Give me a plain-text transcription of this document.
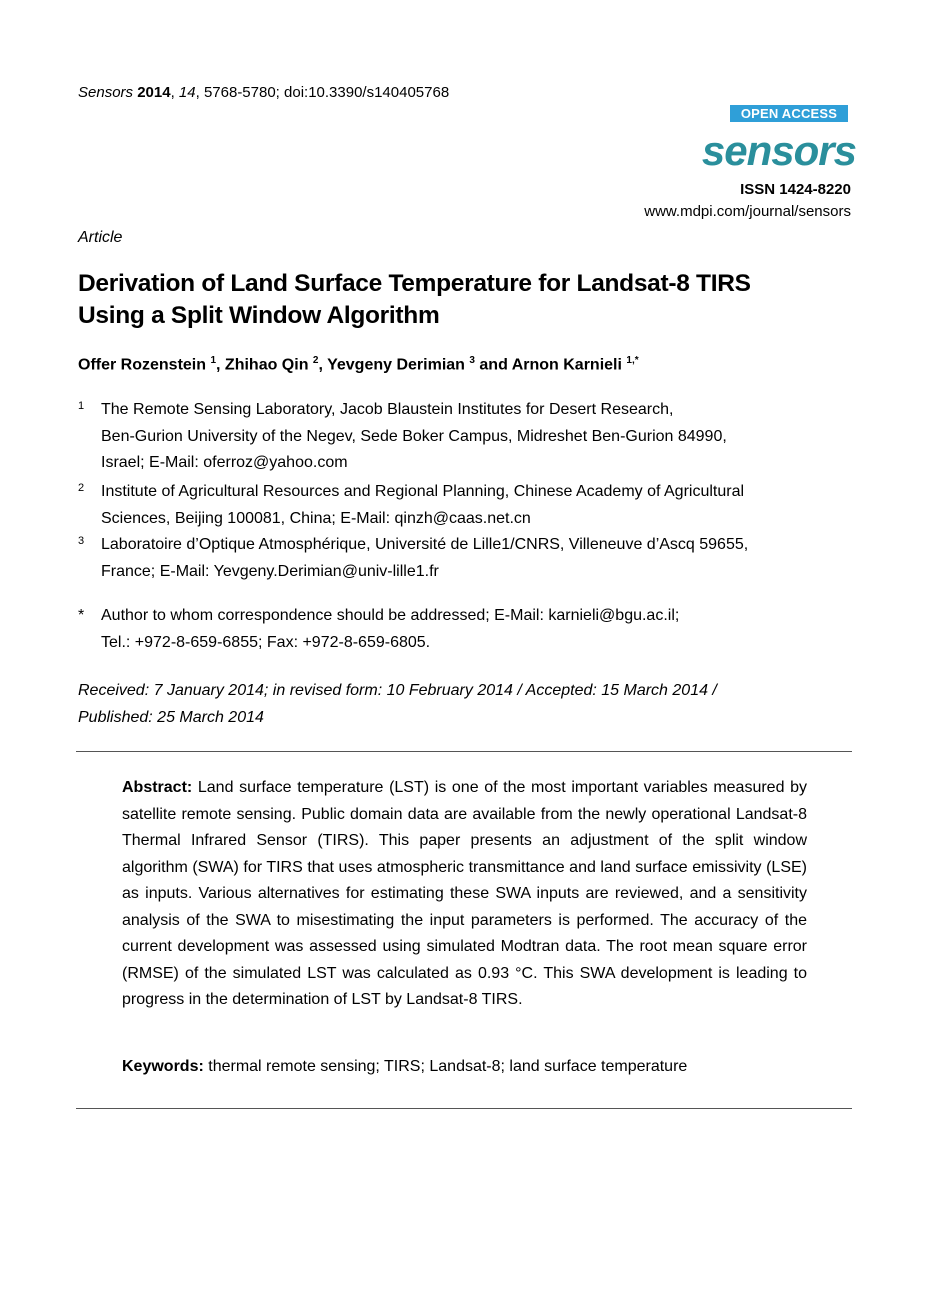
Sensors 2014, 14, 5768-5780; doi:10.3390/s140405768
OPEN ACCESS
sensors
ISSN 1424-8220
www.mdpi.com/journal/sensors
Article
Derivation of Land Surface Temperature for Landsat-8 TIRS
Using a Split Window Algorithm
Offer Rozenstein $^1$, Zhihao Qin $^2$, Yevgeny Derimian $^3$ and Arnon Karnieli $^{1,*}$
1 The Remote Sensing Laboratory, Jacob Blaustein Institutes for Desert Research,
Ben-Gurion University of the Negev, Sede Boker Campus, Midreshet Ben-Gurion 84990,
Israel; E-Mail: oferroz@yahoo.com
2 Institute of Agricultural Resources and Regional Planning, Chinese Academy of Agricultural
Sciences, Beijing 100081, China; E-Mail: qinzh@caas.net.cn
3 Laboratoire d’Optique Atmosphérique, Université de Lille1/CNRS, Villeneuve d’Ascq 59655,
France; E-Mail: Yevgeny.Derimian@univ-lille1.fr
* Author to whom correspondence should be addressed; E-Mail: karnieli@bgu.ac.il;
Tel.: +972-8-659-6855; Fax: +972-8-659-6805.
Received: 7 January 2014; in revised form: 10 February 2014 / Accepted: 15 March 2014 /
Published: 25 March 2014
Abstract: Land surface temperature (LST) is one of the most important variables measured by satellite remote sensing. Public domain data are available from the newly operational Landsat-8 Thermal Infrared Sensor (TIRS). This paper presents an adjustment of the split window algorithm (SWA) for TIRS that uses atmospheric transmittance and land surface emissivity (LSE) as inputs. Various alternatives for estimating these SWA inputs are reviewed, and a sensitivity analysis of the SWA to misestimating the input parameters is performed. The accuracy of the current development was assessed using simulated Modtran data. The root mean square error (RMSE) of the simulated LST was calculated as 0.93 °C. This SWA development is leading to progress in the determination of LST by Landsat-8 TIRS.
Keywords: thermal remote sensing; TIRS; Landsat-8; land surface temperature
